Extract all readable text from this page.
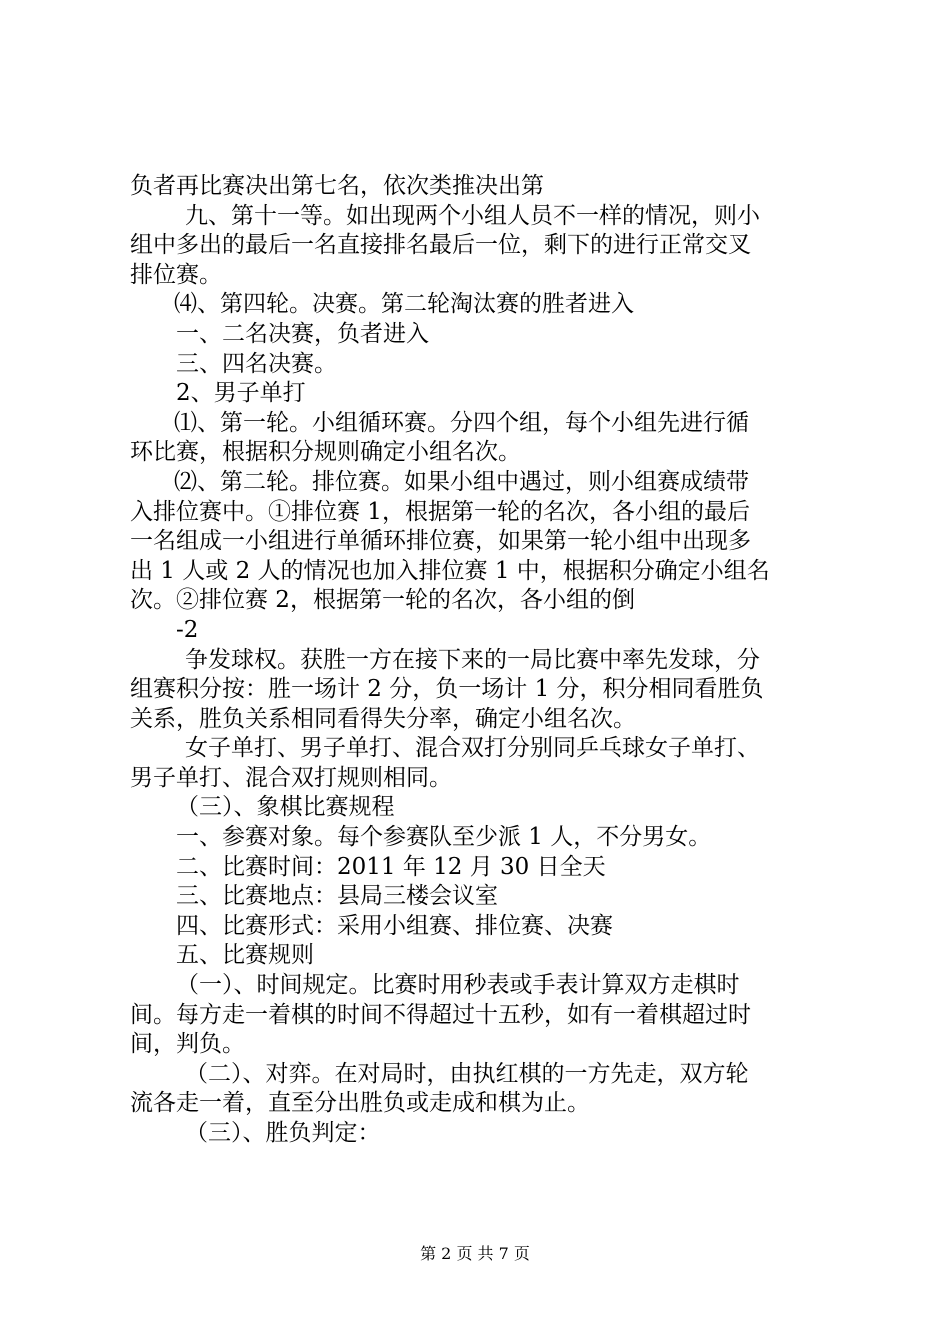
负者再比赛决出第七名，依次类推决出第
九、第十一等。如出现两个小组人员不一样的情况，则小
组中多出的最后一名直接排名最后一位，剩下的进行正常交叉
排位赛。
⑷、第四轮。决赛。第二轮淘汰赛的胜者进入
一、二名决赛，负者进入
三、四名决赛。
2、男子单打
⑴、第一轮。小组循环赛。分四个组，每个小组先进行循
环比赛，根据积分规则确定小组名次。
⑵、第二轮。排位赛。如果小组中遇过，则小组赛成绩带
入排位赛中。①排位赛 1，根据第一轮的名次，各小组的最后
一名组成一小组进行单循环排位赛，如果第一轮小组中出现多
出 1 人或 2 人的情况也加入排位赛 1 中，根据积分确定小组名
次。②排位赛 2，根据第一轮的名次，各小组的倒
-2
争发球权。获胜一方在接下来的一局比赛中率先发球，分
组赛积分按：胜一场计 2 分，负一场计 1 分，积分相同看胜负
关系，胜负关系相同看得失分率，确定小组名次。
女子单打、男子单打、混合双打分别同乒乓球女子单打、
男子单打、混合双打规则相同。
（三）、象棋比赛规程
一、参赛对象。每个参赛队至少派 1 人，不分男女。
二、比赛时间：2011 年 12 月 30 日全天
三、比赛地点：县局三楼会议室
四、比赛形式：采用小组赛、排位赛、决赛
五、比赛规则
（一）、时间规定。比赛时用秒表或手表计算双方走棋时
间。每方走一着棋的时间不得超过十五秒，如有一着棋超过时
间，判负。
（二）、对弈。在对局时，由执红棋的一方先走，双方轮
流各走一着，直至分出胜负或走成和棋为止。
（三）、胜负判定：
第 2 页 共 7 页
